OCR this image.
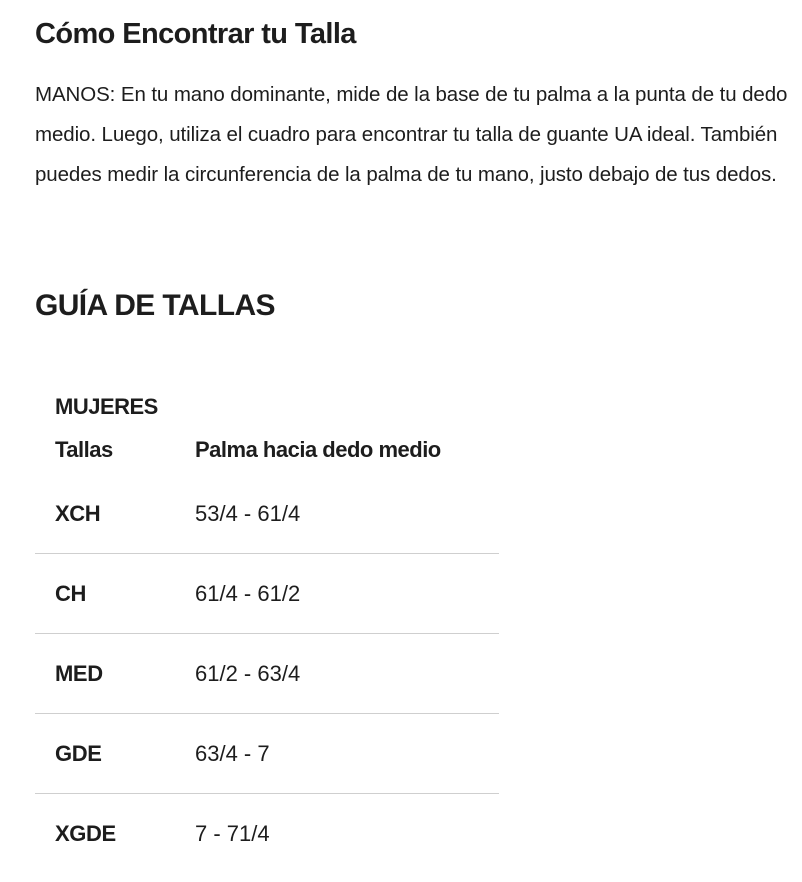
Cómo Encontrar tu Talla

MANOS: En tu mano dominante, mide de la base de tu palma a la punta de tu dedo medio. Luego, utiliza el cuadro para encontrar tu talla de guante UA ideal. También puedes medir la circunferencia de la palma de tu mano, justo debajo de tus dedos.

GUÍA DE TALLAS
MUJERES	
Tallas	Palma hacia dedo medio
XCH	53/4 - 61/4
CH	61/4 - 61/2
MED	61/2 - 63/4
GDE	63/4 - 7
XGDE	7 - 71/4
